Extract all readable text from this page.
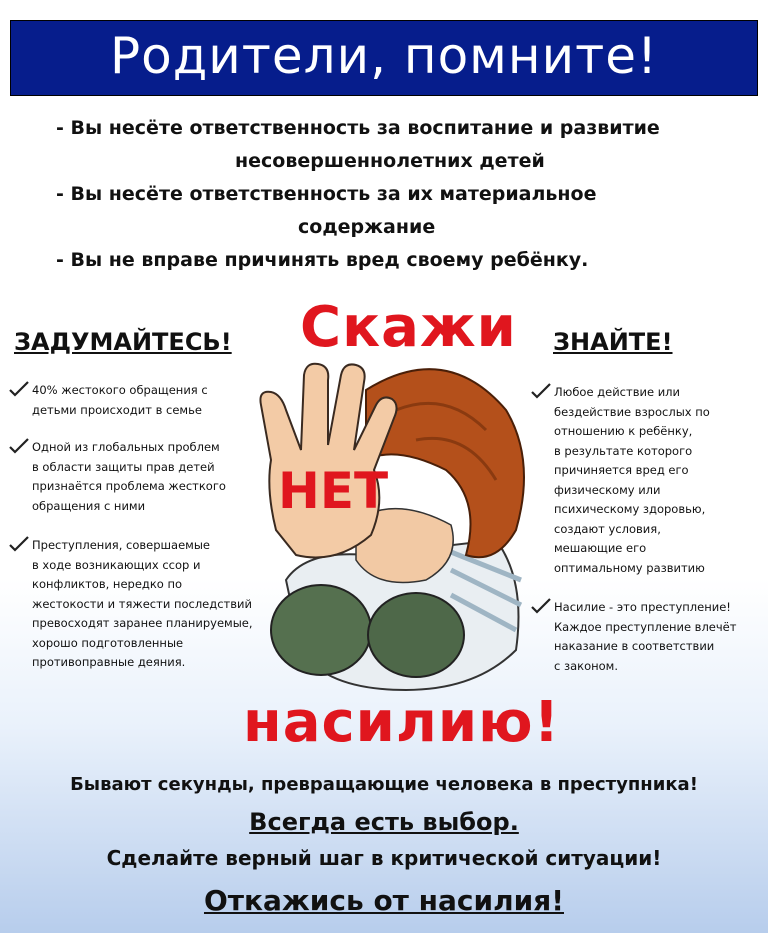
Родители, помните!
- Вы несёте ответственность за воспитание и развитие
несовершеннолетних детей
- Вы несёте ответственность за их материальное
содержание
- Вы не вправе причинять вред своему ребёнку.
ЗАДУМАЙТЕСЬ!
40% жестокого обращения с
детьми происходит в семье
Одной из глобальных проблем
в области защиты прав детей
признаётся проблема жесткого
обращения с ними
Преступления, совершаемые
в ходе возникающих ссор и
конфликтов, нередко по
жестокости и тяжести последствий
превосходят заранее планируемые,
хорошо подготовленные
противоправные деяния.
ЗНАЙТЕ!
Любое действие или
бездействие взрослых по
отношению к ребёнку,
в результате которого
причиняется вред его
физическому или
психическому здоровью,
создают условия,
мешающие его
оптимальному развитию
Насилие - это преступление!
Каждое преступление влечёт
наказание в соответствии
с законом.
Скажи
НЕТ
насилию!
Бывают секунды, превращающие человека в преступника!
Всегда есть выбор.
Сделайте верный шаг в критической ситуации!
Откажись от насилия!
